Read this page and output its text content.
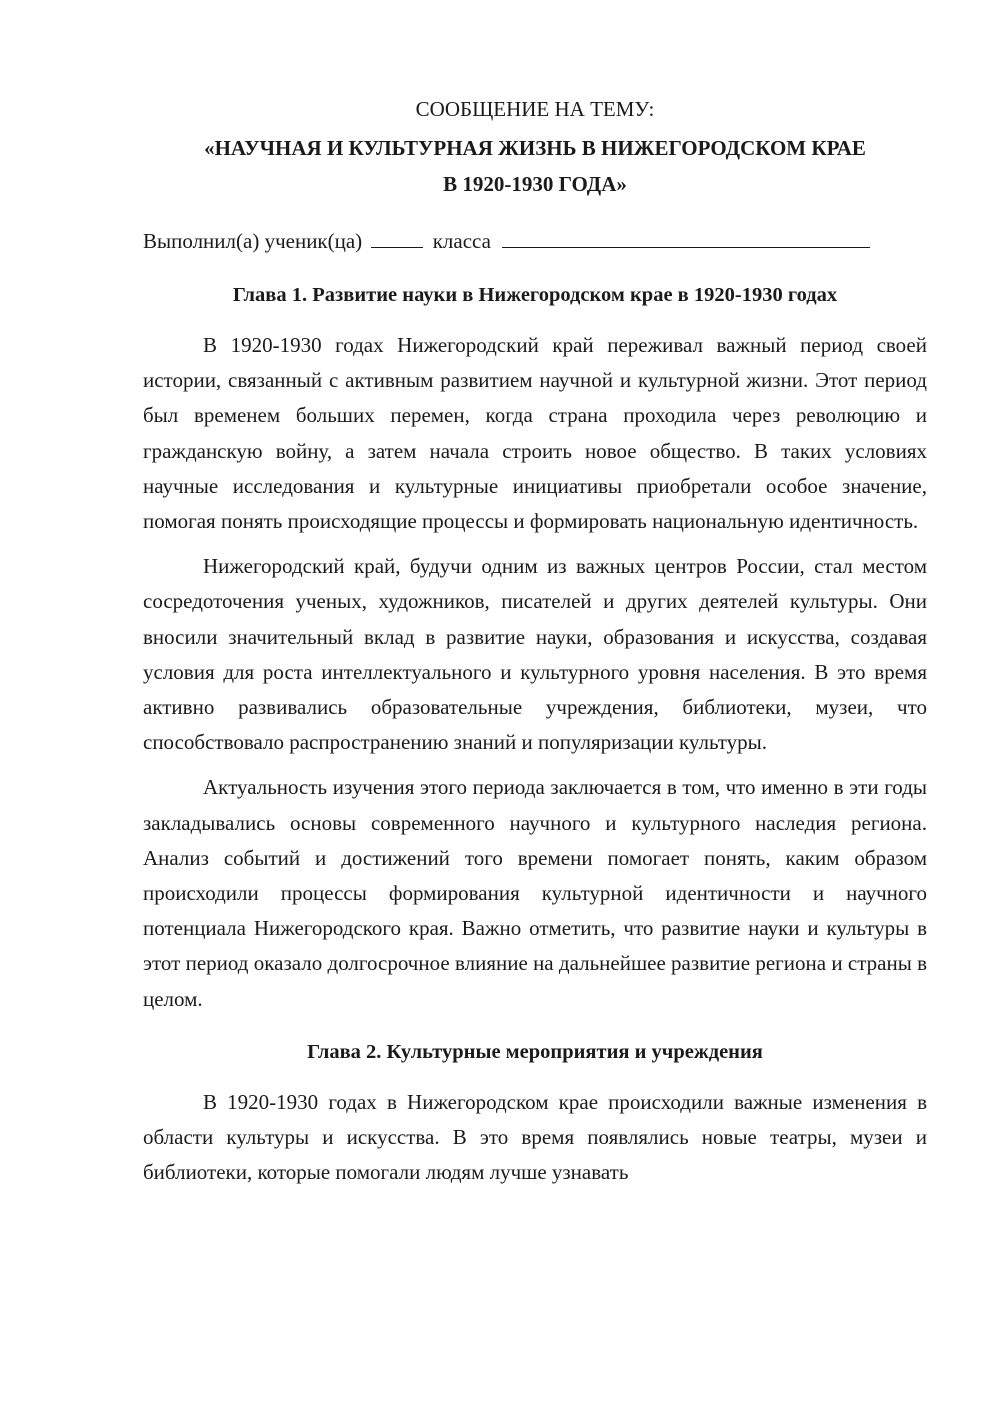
СООБЩЕНИЕ НА ТЕМУ:

«НАУЧНАЯ И КУЛЬТУРНАЯ ЖИЗНЬ В НИЖЕГОРОДСКОМ КРАЕ

В 1920-1930 ГОДА»

Выполнил(а) ученик(ца)	класса
Глава 1. Развитие науки в Нижегородском крае в 1920-1930 годах

В 1920-1930 годах Нижегородский край переживал важный период своей истории, связанный с активным развитием научной и культурной жизни. Этот период был временем больших перемен, когда страна проходила через революцию и гражданскую войну, а затем начала строить новое общество. В таких условиях научные исследования и культурные инициативы приобретали особое значение, помогая понять происходящие процессы и формировать национальную идентичность.

Нижегородский край, будучи одним из важных центров России, стал местом сосредоточения ученых, художников, писателей и других деятелей культуры. Они вносили значительный вклад в развитие науки, образования и искусства, создавая условия для роста интеллектуального и культурного уровня населения. В это время активно развивались образовательные учреждения, библиотеки, музеи, что способствовало распространению знаний и популяризации культуры.

Актуальность изучения этого периода заключается в том, что именно в эти годы закладывались основы современного научного и культурного наследия региона. Анализ событий и достижений того времени помогает понять, каким образом происходили процессы формирования культурной идентичности и научного потенциала Нижегородского края. Важно отметить, что развитие науки и культуры в этот период оказало долгосрочное влияние на дальнейшее развитие региона и страны в целом.

Глава 2. Культурные мероприятия и учреждения

В 1920-1930 годах в Нижегородском крае происходили важные изменения в области культуры и искусства. В это время появлялись новые театры, музеи и библиотеки, которые помогали людям лучше узнавать
